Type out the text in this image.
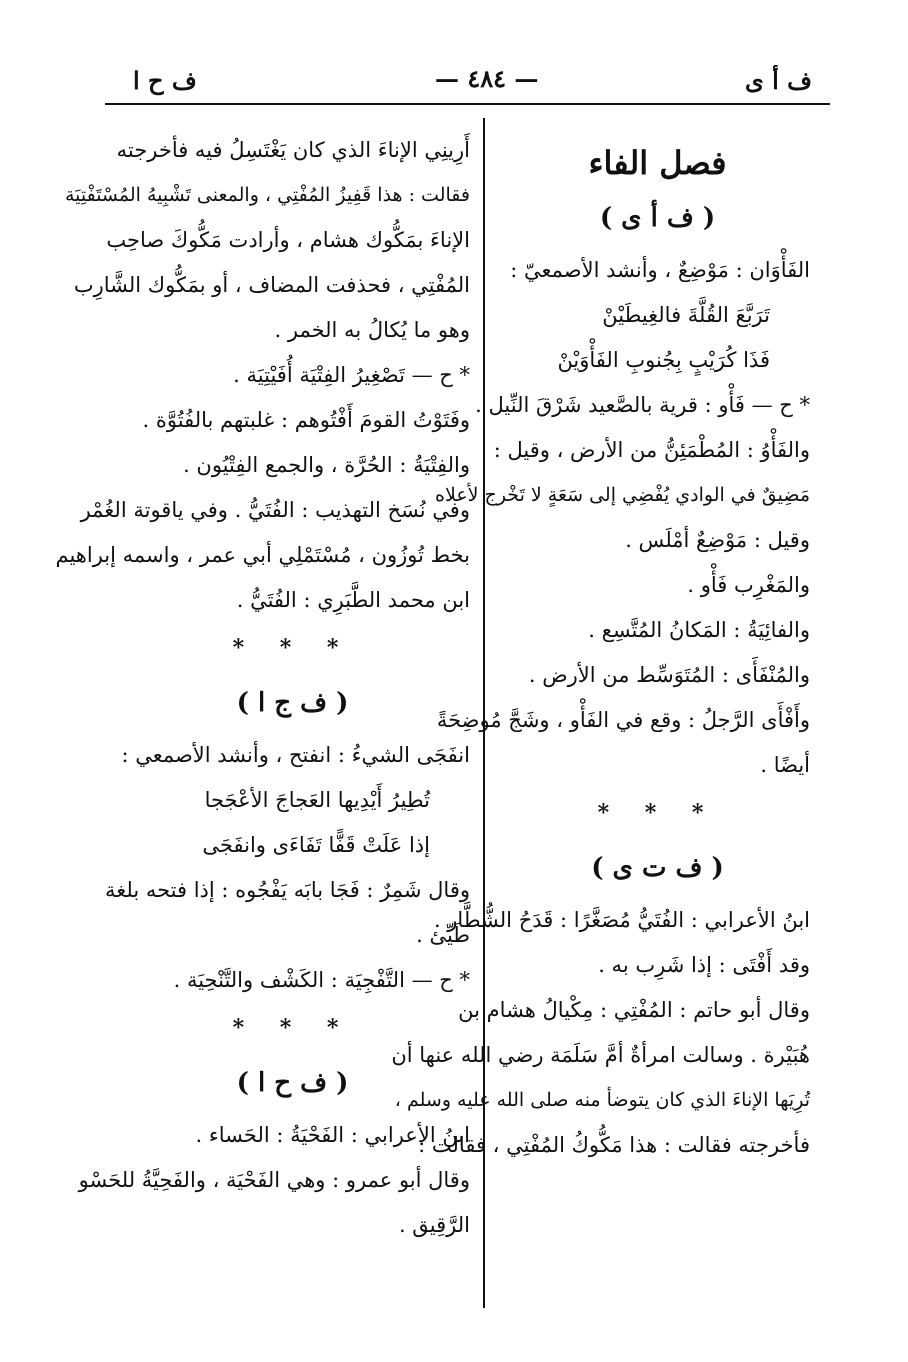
ف ح ا	— ٤٨٤ —	ف أ ى
فصل الفاء
( ف أ ى )
الفَأْوَان : مَوْضِعٌ ، وأنشد الأصمعيّ :
تَرَبَّعَ القُلَّةَ فالغِيطَيْنْ
فَذَا كُرَيْبٍ بِجُنوبِ الفَأْوَيْنْ
* ح — فَأْو : قرية بالصَّعيد شَرْقَ النِّيل .
والفَأْوُ : المُطْمَئِنُّ من الأرض ، وقيل :
مَضِيقٌ في الوادي يُفْضِي إلى سَعَةٍ لا تَخْرج لأعلاه
وقيل : مَوْضِعٌ أمْلَس .
والمَغْرِب فَأْو .
والفائِيَةُ : المَكانُ المُتَّسِع .
والمُنْفَأَى : المُتَوَسِّط من الأرض .
وأَفْأَى الرَّجلُ : وقع في الفَأْو ، وشَجَّ مُوضِحَةً
أيضًا .
* * *
( ف ت ى )
ابنُ الأعرابي : الفُتَيُّ مُصَغَّرًا : قَدَحُ الشُّطَّار .
وقد أَفْتَى : إذا شَرِب به .
وقال أبو حاتم : المُفْتِي : مِكْيالُ هشام بن
هُبَيْرة . وسالت امرأةٌ أمَّ سَلَمَة رضي الله عنها أن
تُرِيَها الإناءَ الذي كان يتوضأ منه صلى الله عليه وسلم ،
فأخرجته فقالت : هذا مَكُّوكُ المُفْتِي ، فقالت :
أَرِينِي الإناءَ الذي كان يَغْتَسِلُ فيه فأخرجته
فقالت : هذا قَفِيزُ المُفْتِي ، والمعنى تَشْبِيهُ المُسْتَفْتِيَة
الإناءَ بمَكُّوك هشام ، وأرادت مَكُّوكَ صاحِب
المُفْتِي ، فحذفت المضاف ، أو بمَكُّوك الشَّارِب
وهو ما يُكالُ به الخمر .
* ح — تَصْغِيرُ الفِتْيَة أُفَيْتِيَة .
وفَتَوْتُ القومَ أَفْتُوهم : غلبتهم بالفُتُوَّة .
والفِتْيَةُ : الحُرَّة ، والجمع الفِتْيُون .
وفي نُسَخ التهذيب : الفُتَيُّ . وفي ياقوتة الغُمْر
بخط تُوزُون ، مُسْتَمْلِي أبي عمر ، واسمه إبراهيم
ابن محمد الطَّبَرِي : الفُتَيُّ .
* * *
( ف ج ا )
انفَجَى الشيءُ : انفتح ، وأنشد الأصمعي :
تُطِيرُ أَيْدِيها العَجاجَ الأعْجَجا
إذا عَلَتْ قَفًّا تَفَاءَى وانفَجَى
وقال شَمِرٌ : فَجَا بابَه يَفْجُوه : إذا فتحه بلغة
طَيِّئ .
* ح — التَّفْجِيَة : الكَشْف والتَّنْحِيَة .
* * *
( ف ح ا )
ابنُ الأعرابي : الفَحْيَةُ : الحَساء .
وقال أبو عمرو : وهي الفَحْيَة ، والفَحِيَّةُ للحَسْو
الرَّقِيق .
